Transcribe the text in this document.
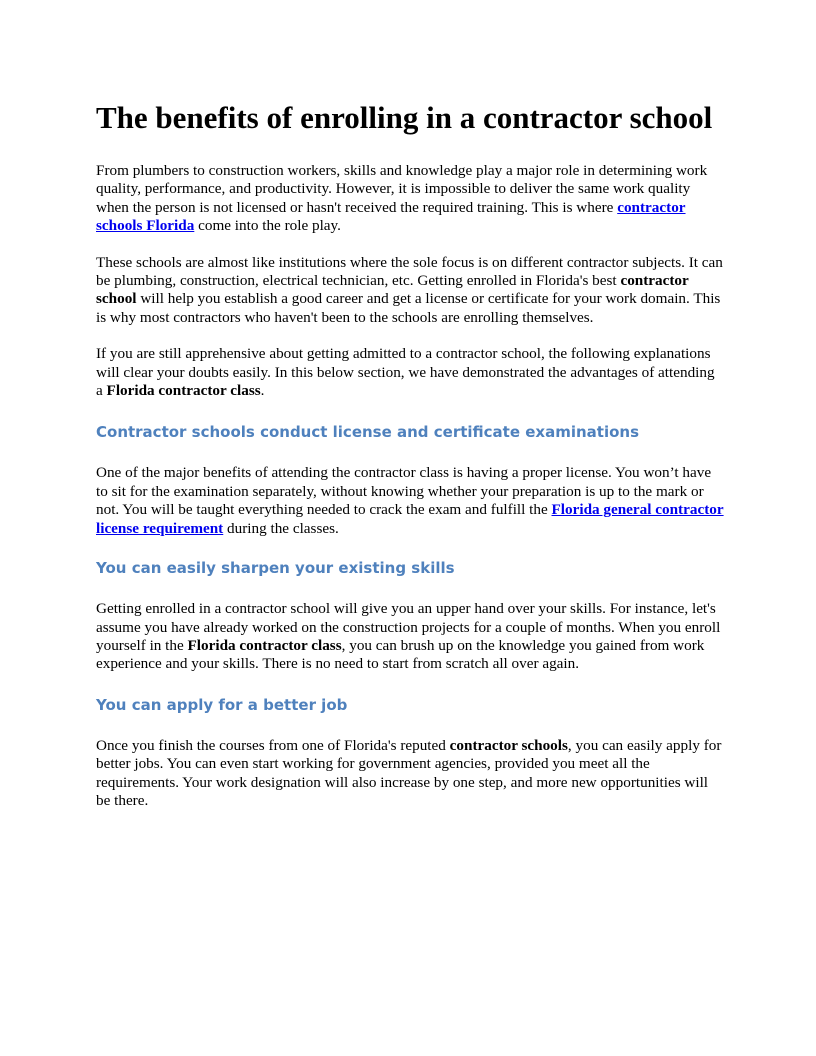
The benefits of enrolling in a contractor school

From plumbers to construction workers, skills and knowledge play a major role in determining work quality, performance, and productivity. However, it is impossible to deliver the same work quality when the person is not licensed or hasn't received the required training. This is where contractor schools Florida come into the role play.

These schools are almost like institutions where the sole focus is on different contractor subjects. It can be plumbing, construction, electrical technician, etc. Getting enrolled in Florida's best contractor school will help you establish a good career and get a license or certificate for your work domain. This is why most contractors who haven't been to the schools are enrolling themselves.

If you are still apprehensive about getting admitted to a contractor school, the following explanations will clear your doubts easily. In this below section, we have demonstrated the advantages of attending a Florida contractor class.

Contractor schools conduct license and certificate examinations

One of the major benefits of attending the contractor class is having a proper license. You won’t have to sit for the examination separately, without knowing whether your preparation is up to the mark or not. You will be taught everything needed to crack the exam and fulfill the Florida general contractor license requirement during the classes.

You can easily sharpen your existing skills

Getting enrolled in a contractor school will give you an upper hand over your skills. For instance, let's assume you have already worked on the construction projects for a couple of months. When you enroll yourself in the Florida contractor class, you can brush up on the knowledge you gained from work experience and your skills. There is no need to start from scratch all over again.

You can apply for a better job

Once you finish the courses from one of Florida's reputed contractor schools, you can easily apply for better jobs. You can even start working for government agencies, provided you meet all the requirements. Your work designation will also increase by one step, and more new opportunities will be there.
